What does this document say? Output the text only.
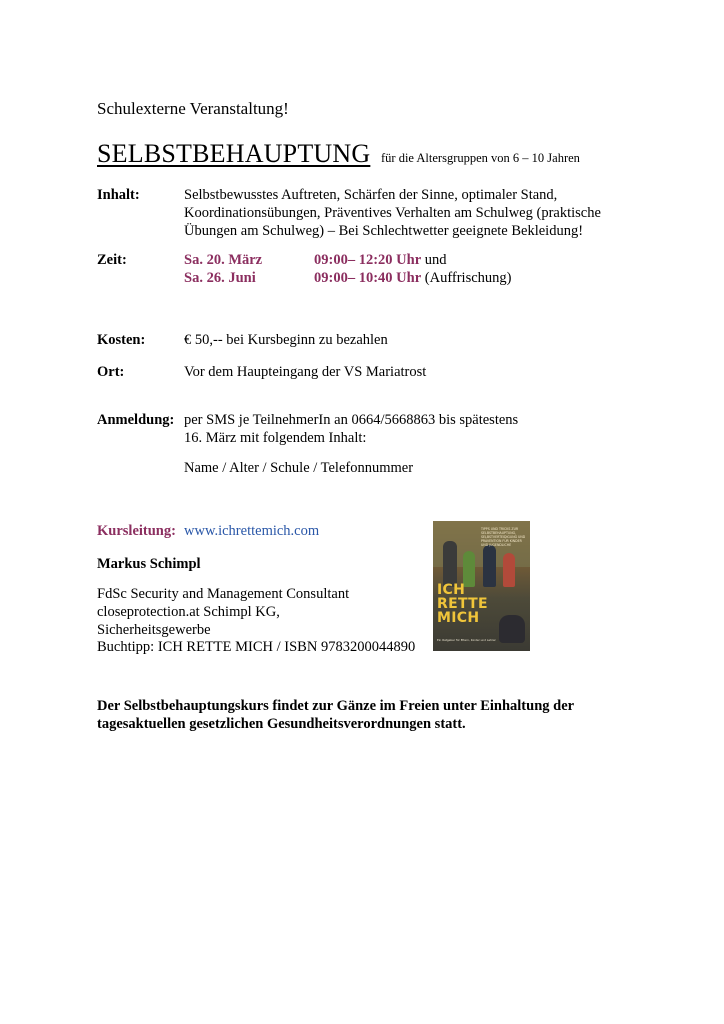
Schulexterne Veranstaltung!
SELBSTBEHAUPTUNG für die Altersgruppen von 6 – 10 Jahren
Inhalt:	Selbstbewusstes Auftreten, Schärfen der Sinne, optimaler Stand,
Koordinationsübungen, Präventives Verhalten am Schulweg (praktische
Übungen am Schulweg) – Bei Schlechtwetter geeignete Bekleidung!
Zeit:	Sa. 20. März	09:00– 12:20 Uhr und
Sa. 26. Juni	09:00– 10:40 Uhr (Auffrischung)
Kosten:	€ 50,-- bei Kursbeginn zu bezahlen
Ort:	Vor dem Haupteingang der VS Mariatrost
Anmeldung: per SMS je TeilnehmerIn an 0664/5668863 bis spätestens
16. März mit folgendem Inhalt:
Name / Alter / Schule / Telefonnummer
Kursleitung: www.ichrettemich.com
Markus Schimpl
FdSc Security and Management Consultant
closeprotection.at Schimpl KG,
Sicherheitsgewerbe
Buchtipp: ICH RETTE MICH / ISBN 9783200044890
TIPPS UND TRICKS ZUR SELBSTBEHAUPTUNG, SELBSTVERTEIDIGUNG UND PRÄVENTION FÜR KINDER UND JUGENDLICHE
ICH
RETTE
MICH
Ein Ratgeber für Eltern, Kinder und Lehrer
Der Selbstbehauptungskurs findet zur Gänze im Freien unter Einhaltung der
tagesaktuellen gesetzlichen Gesundheitsverordnungen statt.
